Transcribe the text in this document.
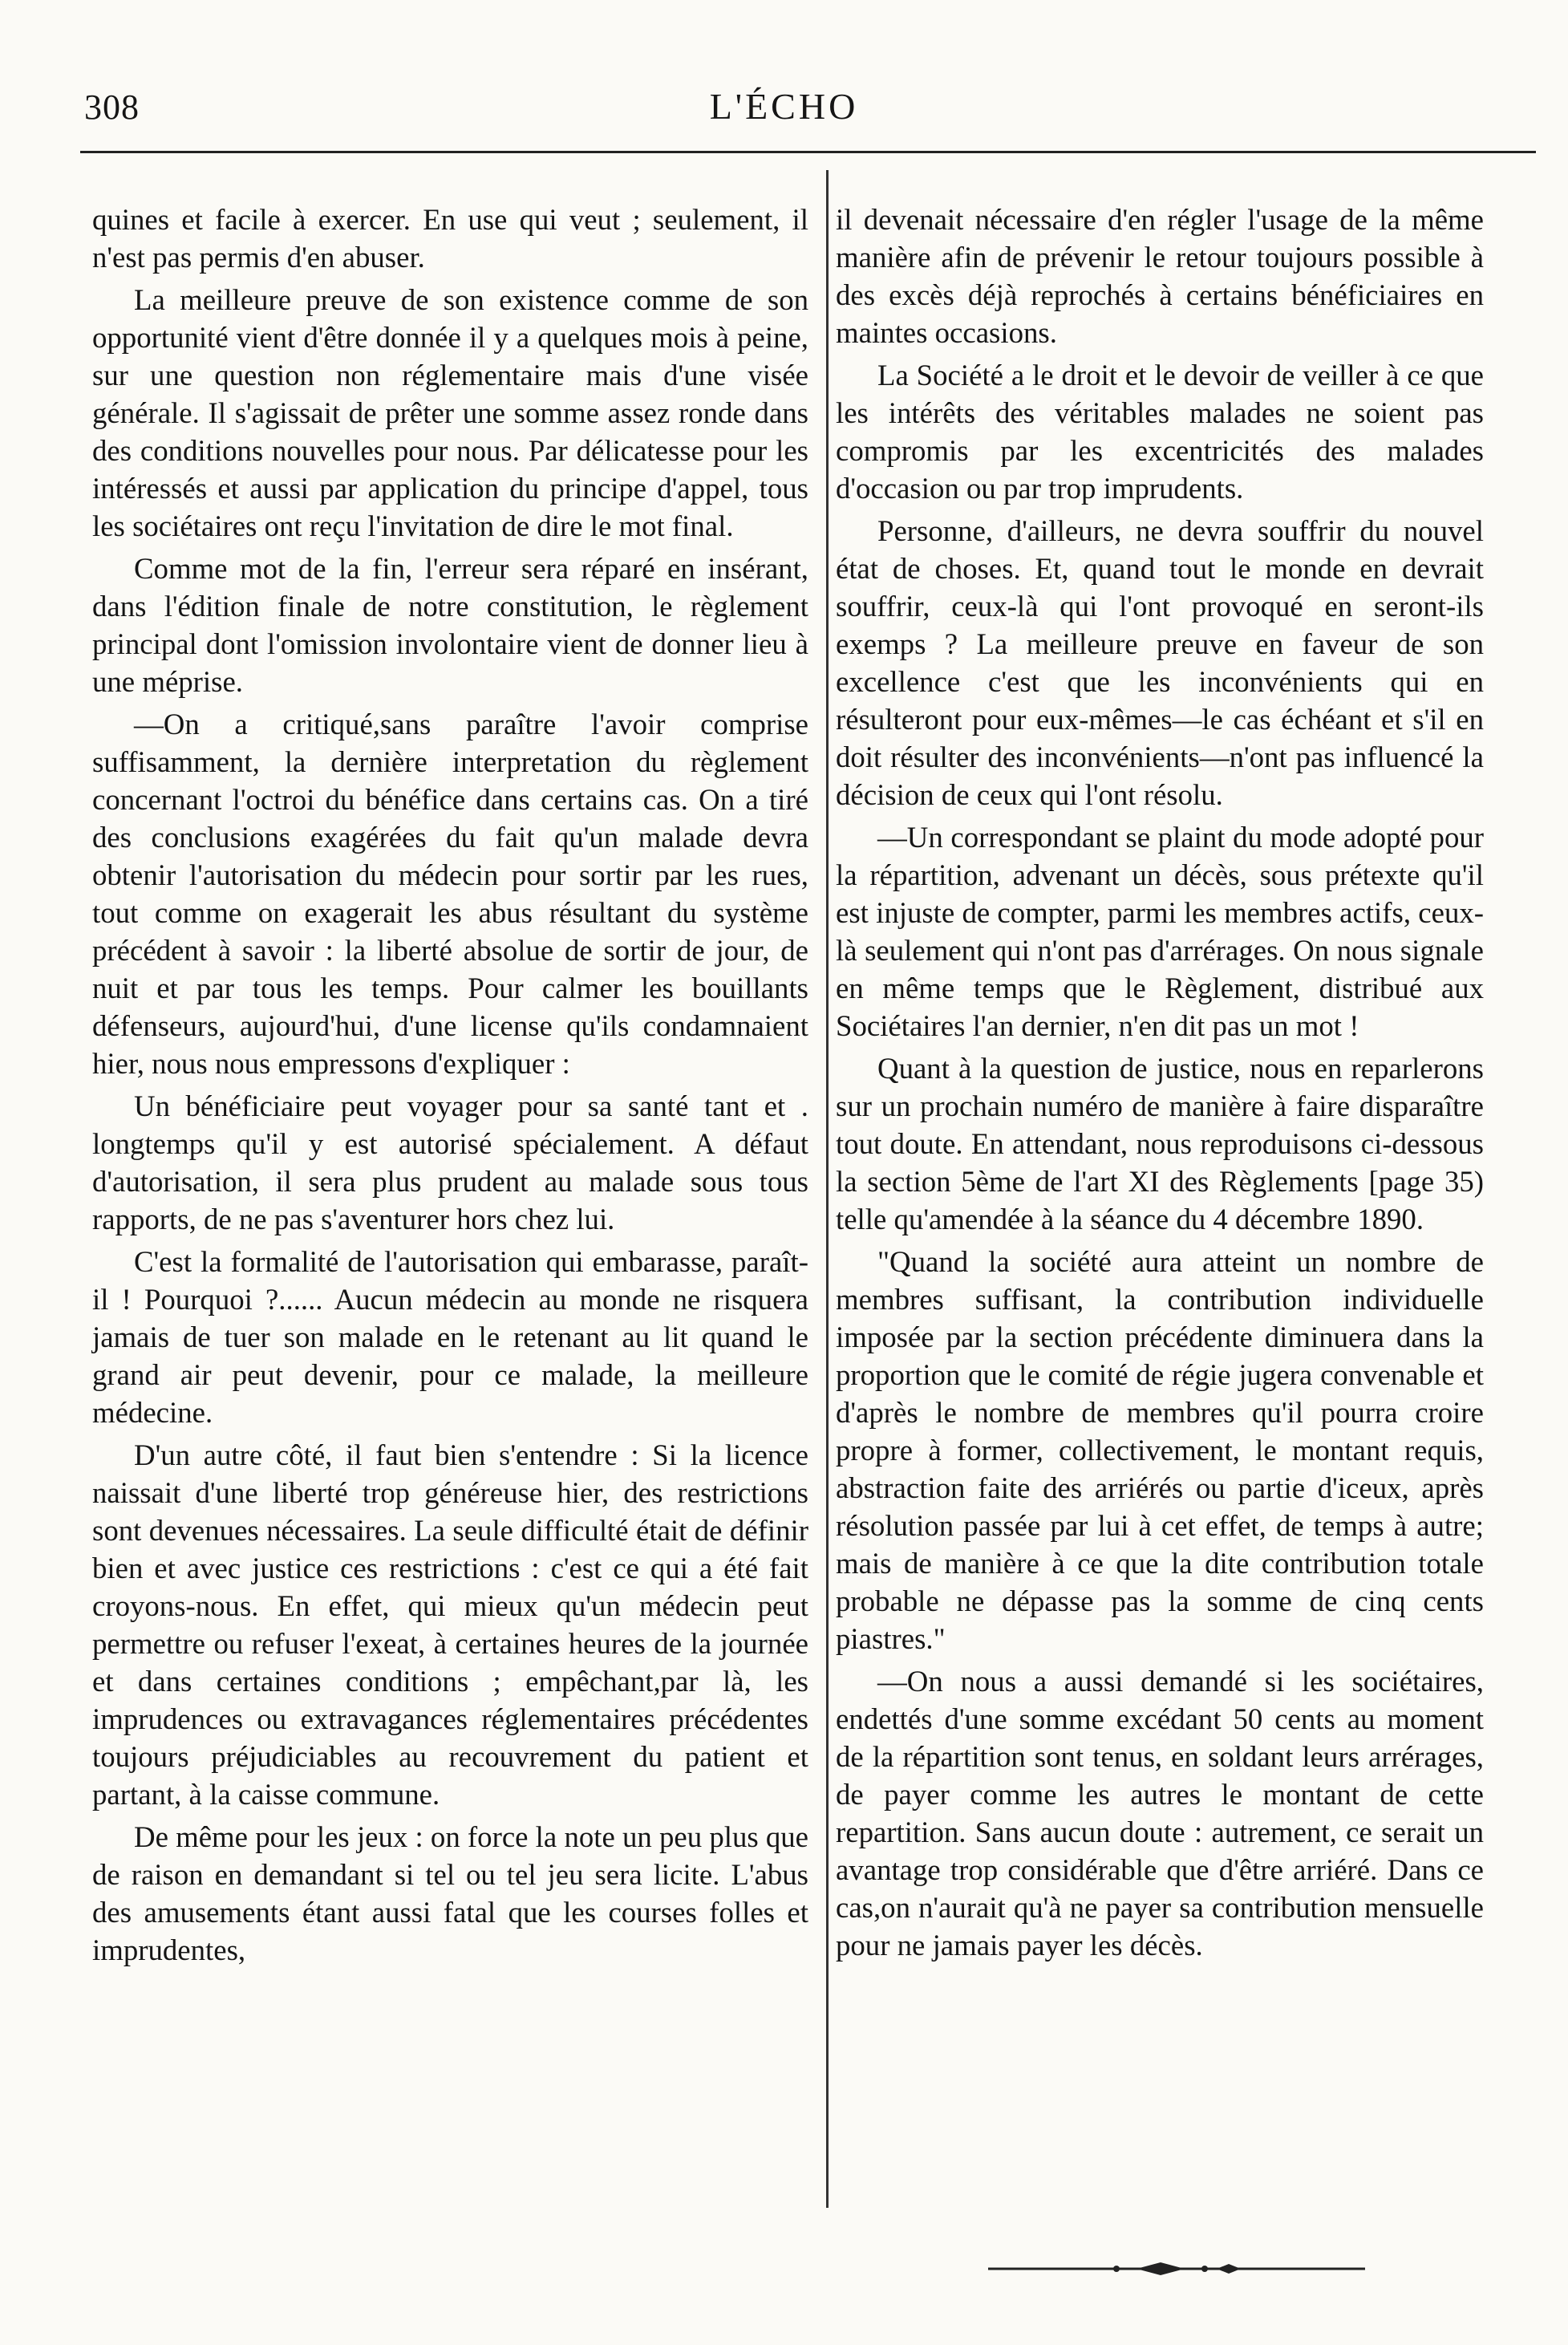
308	L'ÉCHO

quines et facile à exercer. En use qui veut ; seulement, il n'est pas permis d'en abuser.

La meilleure preuve de son existence comme de son opportunité vient d'être donnée il y a quelques mois à peine, sur une question non réglementaire mais d'une visée générale. Il s'agissait de prêter une somme assez ronde dans des conditions nouvelles pour nous. Par délicatesse pour les intéressés et aussi par application du principe d'appel, tous les sociétaires ont reçu l'invitation de dire le mot final.

Comme mot de la fin, l'erreur sera réparé en insérant, dans l'édition finale de notre constitution, le règlement principal dont l'omission involontaire vient de donner lieu à une méprise.

—On a critiqué,sans paraître l'avoir comprise suffisamment, la dernière interpretation du règlement concernant l'octroi du bénéfice dans certains cas. On a tiré des conclusions exagérées du fait qu'un malade devra obtenir l'autorisation du médecin pour sortir par les rues, tout comme on exagerait les abus résultant du système précédent à savoir : la liberté absolue de sortir de jour, de nuit et par tous les temps. Pour calmer les bouillants défenseurs, aujourd'hui, d'une license qu'ils condamnaient hier, nous nous empressons d'expliquer :

Un bénéficiaire peut voyager pour sa santé tant et . longtemps qu'il y est autorisé spécialement. A défaut d'autorisation, il sera plus prudent au malade sous tous rapports, de ne pas s'aventurer hors chez lui.

C'est la formalité de l'autorisation qui embarasse, paraît-il ! Pourquoi ?...... Aucun médecin au monde ne risquera jamais de tuer son malade en le retenant au lit quand le grand air peut devenir, pour ce malade, la meilleure médecine.

D'un autre côté, il faut bien s'entendre : Si la licence naissait d'une liberté trop généreuse hier, des restrictions sont devenues nécessaires. La seule difficulté était de définir bien et avec justice ces restrictions : c'est ce qui a été fait croyons-nous. En effet, qui mieux qu'un médecin peut permettre ou refuser l'exeat, à certaines heures de la journée et dans certaines conditions ; empêchant,par là, les imprudences ou extravagances réglementaires précédentes toujours préjudiciables au recouvrement du patient et partant, à la caisse commune.

De même pour les jeux : on force la note un peu plus que de raison en demandant si tel ou tel jeu sera licite. L'abus des amusements étant aussi fatal que les courses folles et imprudentes,

il devenait nécessaire d'en régler l'usage de la même manière afin de prévenir le retour toujours possible à des excès déjà reprochés à certains bénéficiaires en maintes occasions.

La Société a le droit et le devoir de veiller à ce que les intérêts des véritables malades ne soient pas compromis par les excentricités des malades d'occasion ou par trop imprudents.

Personne, d'ailleurs, ne devra souffrir du nouvel état de choses. Et, quand tout le monde en devrait souffrir, ceux-là qui l'ont provoqué en seront-ils exemps ? La meilleure preuve en faveur de son excellence c'est que les inconvénients qui en résulteront pour eux-mêmes—le cas échéant et s'il en doit résulter des inconvénients—n'ont pas influencé la décision de ceux qui l'ont résolu.

—Un correspondant se plaint du mode adopté pour la répartition, advenant un décès, sous prétexte qu'il est injuste de compter, parmi les membres actifs, ceux-là seulement qui n'ont pas d'arrérages. On nous signale en même temps que le Règlement, distribué aux Sociétaires l'an dernier, n'en dit pas un mot !

Quant à la question de justice, nous en reparlerons sur un prochain numéro de manière à faire disparaître tout doute. En attendant, nous reproduisons ci-dessous la section 5ème de l'art XI des Règlements [page 35) telle qu'amendée à la séance du 4 décembre 1890.

"Quand la société aura atteint un nombre de membres suffisant, la contribution individuelle imposée par la section précédente diminuera dans la proportion que le comité de régie jugera convenable et d'après le nombre de membres qu'il pourra croire propre à former, collectivement, le montant requis, abstraction faite des arriérés ou partie d'iceux, après résolution passée par lui à cet effet, de temps à autre; mais de manière à ce que la dite contribution totale probable ne dépasse pas la somme de cinq cents piastres."

—On nous a aussi demandé si les sociétaires, endettés d'une somme excédant 50 cents au moment de la répartition sont tenus, en soldant leurs arrérages, de payer comme les autres le montant de cette repartition. Sans aucun doute : autrement, ce serait un avantage trop considérable que d'être arriéré. Dans ce cas,on n'aurait qu'à ne payer sa contribution mensuelle pour ne jamais payer les décès.
